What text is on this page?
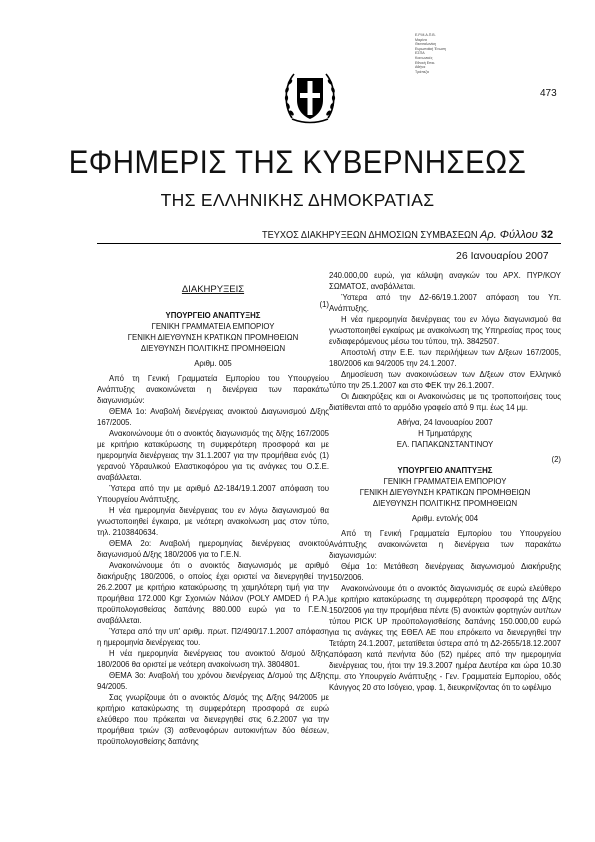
Ε.Ρ.Μ.Α.Π.Β.
Μαρίνα
Θεσσαλονίκη
Ευρωπαϊκή Ένωση
ΕΣΠΑ
Κοινωνικές
Εθνική Επικ.
Αθήνα
Τράπεζα
473
ΕΦΗΜΕΡΙΣ ΤΗΣ ΚΥΒΕΡΝΗΣΕΩΣ
ΤΗΣ ΕΛΛΗΝΙΚΗΣ ΔΗΜΟΚΡΑΤΙΑΣ
ΤΕΥΧΟΣ ΔΙΑΚΗΡΥΞΕΩΝ ΔΗΜΟΣΙΩΝ ΣΥΜΒΑΣΕΩΝ Αρ. Φύλλου 32
26 Ιανουαρίου 2007
ΔΙΑΚΗΡΥΞΕΙΣ

(1)

ΥΠΟΥΡΓΕΙΟ ΑΝΑΠΤΥΞΗΣ

ΓΕΝΙΚΗ ΓΡΑΜΜΑΤΕΙΑ ΕΜΠΟΡΙΟΥ

ΓΕΝΙΚΗ ΔΙΕΥΘΥΝΣΗ ΚΡΑΤΙΚΩΝ ΠΡΟΜΗΘΕΙΩΝ

ΔΙΕΥΘΥΝΣΗ ΠΟΛΙΤΙΚΗΣ ΠΡΟΜΗΘΕΙΩΝ

Αριθμ. 005

Από τη Γενική Γραμματεία Εμπορίου του Υπουργείου Ανάπτυξης ανακοινώνεται η διενέργεια των παρακάτω διαγωνισμών:

ΘΕΜΑ 1ο: Αναβολή διενέργειας ανοικτού Διαγωνισμού Δ/ξης 167/2005.

Ανακοινώνουμε ότι ο ανοικτός διαγωνισμός της δ/ξης 167/2005 με κριτήριο κατακύρωσης τη συμφερότερη προσφορά και με ημερομηνία διενέργειας την 31.1.2007 για την προμήθεια ενός (1) γερανού Υδραυλικού Ελαστικοφόρου για τις ανάγκες του Ο.Σ.Ε. αναβάλλεται.

Ύστερα από την με αριθμό Δ2-184/19.1.2007 απόφαση του Υπουργείου Ανάπτυξης.

Η νέα ημερομηνία διενέργειας του εν λόγω διαγωνισμού θα γνωστοποιηθεί έγκαιρα, με νεότερη ανακοίνωση μας στον τύπο, τηλ. 2103840634.

ΘΕΜΑ 2ο: Αναβολή ημερομηνίας διενέργειας ανοικτού διαγωνισμού Δ/ξης 180/2006 για το Γ.Ε.Ν.

Ανακοινώνουμε ότι ο ανοικτός διαγωνισμός με αριθμό διακήρυξης 180/2006, ο οποίος έχει οριστεί να διενεργηθεί την 26.2.2007 με κριτήριο κατακύρωσης τη χαμηλότερη τιμή για την προμήθεια 172.000 Kgr Σχοινιών Νάιλον (POLY AMDED ή P.A.) προϋπολογισθείσας δαπάνης 880.000 ευρώ για το Γ.Ε.Ν. αναβάλλεται.

Ύστερα από την υπ' αριθμ. πρωτ. Π2/490/17.1.2007 απόφαση η ημερομηνία διενέργειας του.

Η νέα ημερομηνία διενέργειας του ανοικτού δ/σμού δ/ξης 180/2006 θα οριστεί με νεότερη ανακοίνωση τηλ. 3804801.

ΘΕΜΑ 3ο: Αναβολή του χρόνου διενέργειας Δ/σμού της Δ/ξης 94/2005.

Σας γνωρίζουμε ότι ο ανοικτός Δ/σμός της Δ/ξης 94/2005 με κριτήριο κατακύρωσης τη συμφερότερη προσφορά σε ευρώ ελεύθερο που πρόκειται να διενεργηθεί στις 6.2.2007 για την προμήθεια τριών (3) ασθενοφόρων αυτοκινήτων δύο θέσεων, προϋπολογισθείσης δαπάνης

240.000,00 ευρώ, για κάλυψη αναγκών του ΑΡΧ. ΠΥΡ/ΚΟΥ ΣΩΜΑΤΟΣ, αναβάλλεται.

Ύστερα από την Δ2-66/19.1.2007 απόφαση του Υπ. Ανάπτυξης.

Η νέα ημερομηνία διενέργειας του εν λόγω διαγωνισμού θα γνωστοποιηθεί εγκαίρως με ανακοίνωση της Υπηρεσίας προς τους ενδιαφερόμενους μέσω του τύπου, τηλ. 3842507.

Αποστολή στην Ε.Ε. των περιλήψεων των Δ/ξεων 167/2005, 180/2006 και 94/2005 την 24.1.2007.

Δημοσίευση των ανακοινώσεων των Δ/ξεων στον Ελληνικό τύπο την 25.1.2007 και στο ΦΕΚ την 26.1.2007.

Οι Διακηρύξεις και οι Ανακοινώσεις με τις τροποποιήσεις τους διατίθενται από το αρμόδιο γραφείο από 9 πμ. έως 14 μμ.

Αθήνα, 24 Ιανουαρίου 2007

Η Τμηματάρχης

ΕΛ. ΠΑΠΑΚΩΝΣΤΑΝΤΙΝΟΥ

(2)

ΥΠΟΥΡΓΕΙΟ ΑΝΑΠΤΥΞΗΣ

ΓΕΝΙΚΗ ΓΡΑΜΜΑΤΕΙΑ ΕΜΠΟΡΙΟΥ

ΓΕΝΙΚΗ ΔΙΕΥΘΥΝΣΗ ΚΡΑΤΙΚΩΝ ΠΡΟΜΗΘΕΙΩΝ

ΔΙΕΥΘΥΝΣΗ ΠΟΛΙΤΙΚΗΣ ΠΡΟΜΗΘΕΙΩΝ

Αριθμ. εντολής 004

Από τη Γενική Γραμματεία Εμπορίου του Υπουργείου Ανάπτυξης ανακοινώνεται η διενέργεια των παρακάτω διαγωνισμών:

Θέμα 1ο: Μετάθεση διενέργειας διαγωνισμού Διακήρυξης 150/2006.

Ανακοινώνουμε ότι ο ανοικτός διαγωνισμός σε ευρώ ελεύθερο με κριτήριο κατακύρωσης τη συμφερότερη προσφορά της Δ/ξης 150/2006 για την προμήθεια πέντε (5) ανοικτών φορτηγών αυτ/των τύπου PICK UP προϋπολογισθείσης δαπάνης 150.000,00 ευρώ για τις ανάγκες της ΕΘΕΛ ΑΕ που επρόκειτο να διενεργηθεί την Τετάρτη 24.1.2007, μετατίθεται ύστερα από τη Δ2-2655/18.12.2007 απόφαση κατά πενήντα δύο (52) ημέρες από την ημερομηνία διενέργειας του, ήτοι την 19.3.2007 ημέρα Δευτέρα και ώρα 10.30 πμ. στο Υπουργείο Ανάπτυξης - Γεν. Γραμματεία Εμπορίου, οδός Κάνιγγος 20 στο Ισόγειο, γραφ. 1, διευκρινίζοντας ότι το ωφέλιμο
